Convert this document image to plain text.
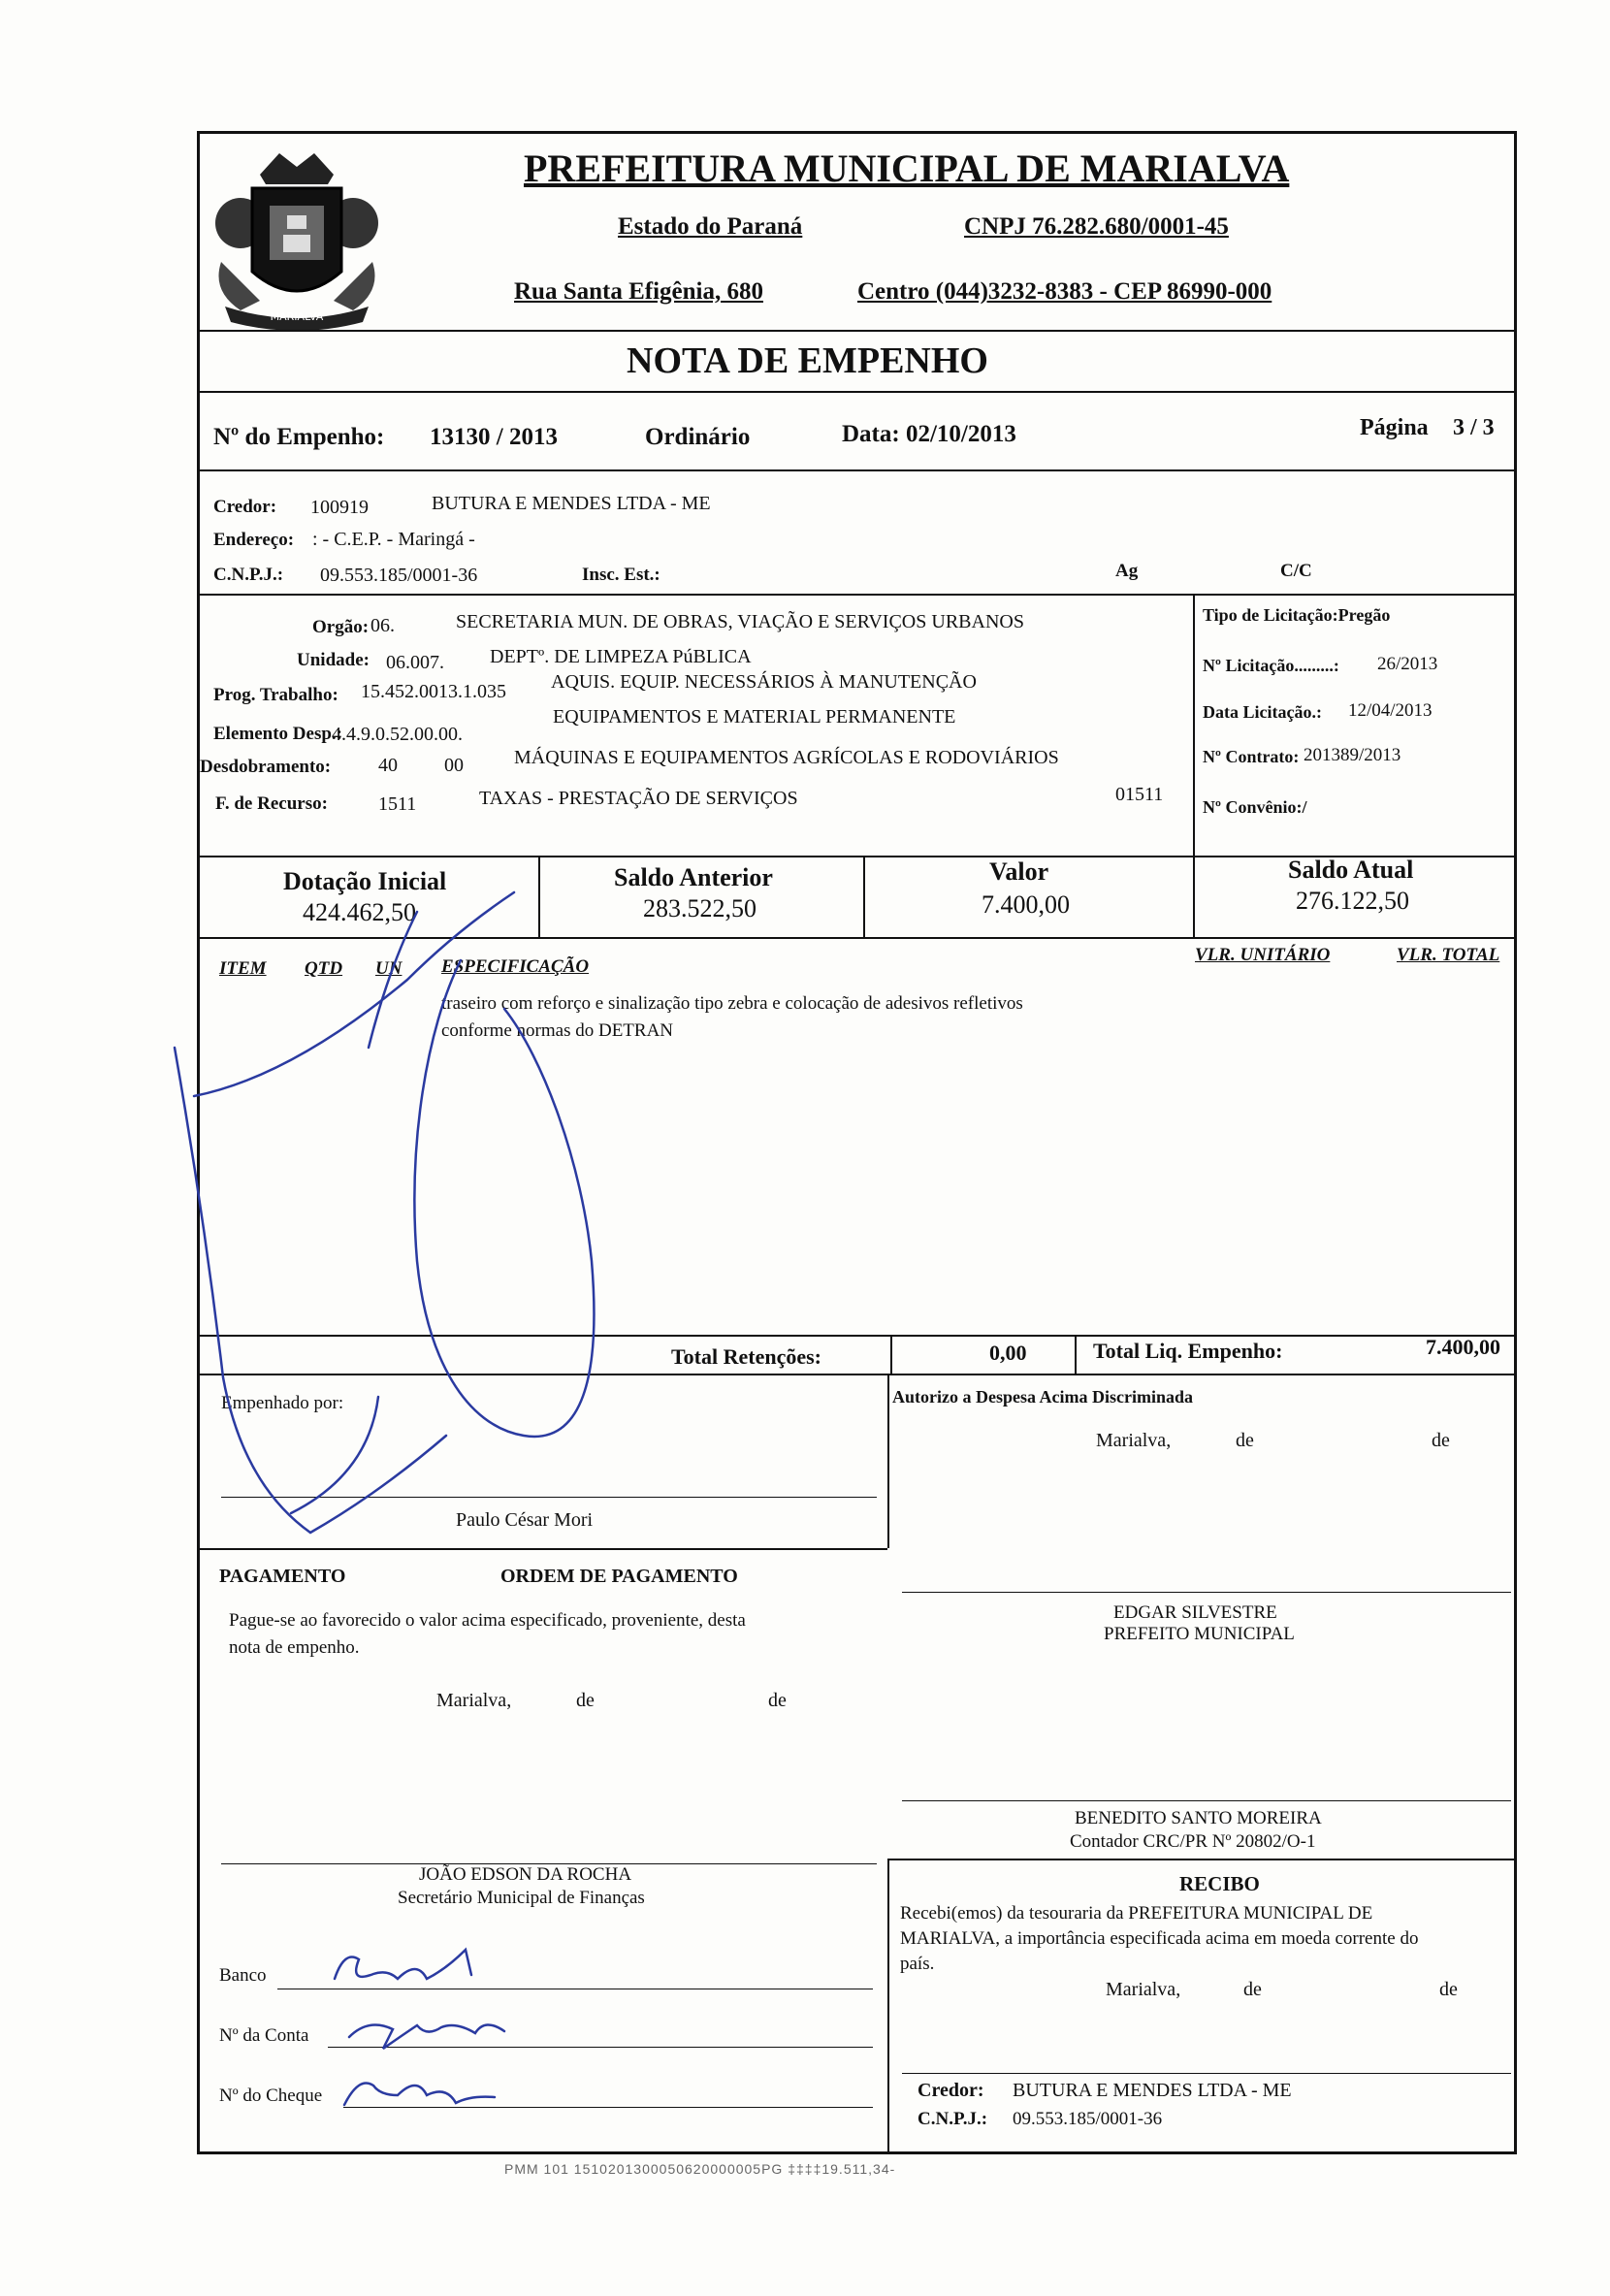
MARIALVA
PREFEITURA MUNICIPAL DE MARIALVA
Estado do Paraná	CNPJ 76.282.680/0001-45
Rua Santa Efigênia, 680	Centro (044)3232-8383 - CEP 86990-000
NOTA DE EMPENHO
Nº do Empenho: 13130 / 2013	Ordinário	Data: 02/10/2013	Página 3 / 3
Credor: 100919	BUTURA E MENDES LTDA - ME
Endereço: : - C.E.P. - Maringá -
C.N.P.J.: 09.553.185/0001-36	Insc. Est.:	Ag	C/C
Orgão: 06.	SECRETARIA MUN. DE OBRAS, VIAÇÃO E SERVIÇOS URBANOS
Unidade: 06.007. DEPTº. DE LIMPEZA PúBLICA
Prog. Trabalho: 15.452.0013.1.035 AQUIS. EQUIP. NECESSÁRIOS À MANUTENÇÃO
Elemento Desp.:
4.4.9.0.52.00.00.
EQUIPAMENTOS E MATERIAL PERMANENTE
Desdobramento: 40 00	MÁQUINAS E EQUIPAMENTOS AGRÍCOLAS E RODOVIÁRIOS
F. de Recurso:	1511	TAXAS - PRESTAÇÃO DE SERVIÇOS	01511
Tipo de Licitação:Pregão
Nº Licitação.........: 26/2013
Data Licitação.: 12/04/2013
Nº Contrato: 201389/2013
Nº Convênio:/
Dotação Inicial
424.462,50
Saldo Anterior
283.522,50
Valor
7.400,00
Saldo Atual
276.122,50
ITEM QTD UN ESPECIFICAÇÃO
VLR. UNITÁRIO	VLR. TOTAL
traseiro com reforço e sinalização tipo zebra e colocação de adesivos refletivos
conforme normas do DETRAN
Total Retenções:	0,00	Total Liq. Empenho:	7.400,00
Empenhado por:
Paulo César Mori
Autorizo a Despesa Acima Discriminada
Marialva,	de	de
PAGAMENTO	ORDEM DE PAGAMENTO
Pague-se ao favorecido o valor acima especificado, proveniente, desta
nota de empenho.
Marialva,	de	de
EDGAR SILVESTRE
PREFEITO MUNICIPAL
BENEDITO SANTO MOREIRA
Contador CRC/PR Nº 20802/O-1
JOÃO EDSON DA ROCHA
Secretário Municipal de Finanças
RECIBO
Recebi(emos) da tesouraria da PREFEITURA MUNICIPAL DE
MARIALVA, a importância especificada acima em moeda corrente do
país.
Marialva,	de	de
Banco
Nº da Conta
Nº do Cheque	Credor: BUTURA E MENDES LTDA - ME
C.N.P.J.: 09.553.185/0001-36
PMM 101 1510201300050620000005PG ‡‡‡‡19.511,34-
